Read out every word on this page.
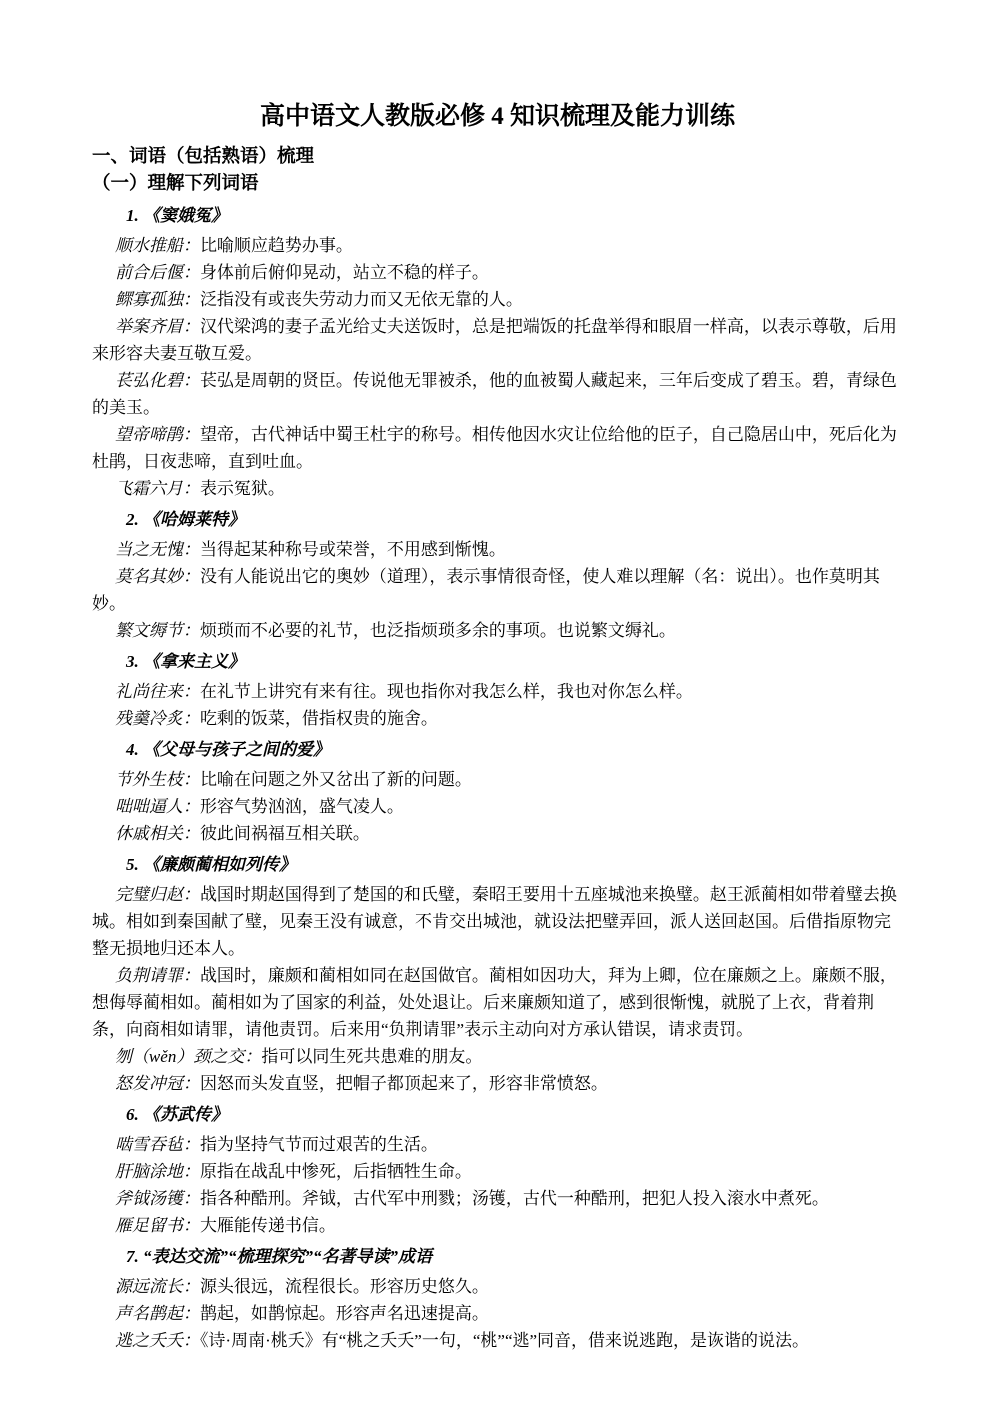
高中语文人教版必修 4 知识梳理及能力训练
一、词语（包括熟语）梳理
（一）理解下列词语
1. 《窦娥冤》

顺水推船：比喻顺应趋势办事。

前合后偃：身体前后俯仰晃动，站立不稳的样子。

鳏寡孤独：泛指没有或丧失劳动力而又无依无靠的人。

举案齐眉：汉代梁鸿的妻子孟光给丈夫送饭时，总是把端饭的托盘举得和眼眉一样高，以表示尊敬，后用来形容夫妻互敬互爱。

苌弘化碧：苌弘是周朝的贤臣。传说他无罪被杀，他的血被蜀人藏起来，三年后变成了碧玉。碧，青绿色的美玉。

望帝啼鹃：望帝，古代神话中蜀王杜宇的称号。相传他因水灾让位给他的臣子，自己隐居山中，死后化为杜鹃，日夜悲啼，直到吐血。

飞霜六月：表示冤狱。

2. 《哈姆莱特》

当之无愧：当得起某种称号或荣誉，不用感到惭愧。

莫名其妙：没有人能说出它的奥妙（道理），表示事情很奇怪，使人难以理解（名：说出）。也作莫明其妙。

繁文缛节：烦琐而不必要的礼节，也泛指烦琐多余的事项。也说繁文缛礼。

3. 《拿来主义》

礼尚往来：在礼节上讲究有来有往。现也指你对我怎么样，我也对你怎么样。

残羹冷炙：吃剩的饭菜，借指权贵的施舍。

4. 《父母与孩子之间的爱》

节外生枝：比喻在问题之外又岔出了新的问题。

咄咄逼人：形容气势汹汹，盛气凌人。

休戚相关：彼此间祸福互相关联。

5. 《廉颇蔺相如列传》

完璧归赵：战国时期赵国得到了楚国的和氏璧，秦昭王要用十五座城池来换璧。赵王派蔺相如带着璧去换城。相如到秦国献了璧，见秦王没有诚意，不肯交出城池，就设法把璧弄回，派人送回赵国。后借指原物完整无损地归还本人。

负荆请罪：战国时，廉颇和蔺相如同在赵国做官。蔺相如因功大，拜为上卿，位在廉颇之上。廉颇不服，想侮辱蔺相如。蔺相如为了国家的利益，处处退让。后来廉颇知道了，感到很惭愧，就脱了上衣，背着荆条，向商相如请罪，请他责罚。后来用“负荆请罪”表示主动向对方承认错误，请求责罚。

刎（wěn）颈之交：指可以同生死共患难的朋友。

怒发冲冠：因怒而头发直竖，把帽子都顶起来了，形容非常愤怒。

6. 《苏武传》

啮雪吞毡：指为坚持气节而过艰苦的生活。

肝脑涂地：原指在战乱中惨死，后指牺牲生命。

斧钺汤镬：指各种酷刑。斧钺，古代军中刑戮；汤镬，古代一种酷刑，把犯人投入滚水中煮死。

雁足留书：大雁能传递书信。

7. “表达交流”“梳理探究”“名著导读”成语

源远流长：源头很远，流程很长。形容历史悠久。

声名鹊起：鹊起，如鹊惊起。形容声名迅速提高。

逃之夭夭：《诗·周南·桃夭》有“桃之夭夭”一句，“桃”“逃”同音，借来说逃跑，是诙谐的说法。
